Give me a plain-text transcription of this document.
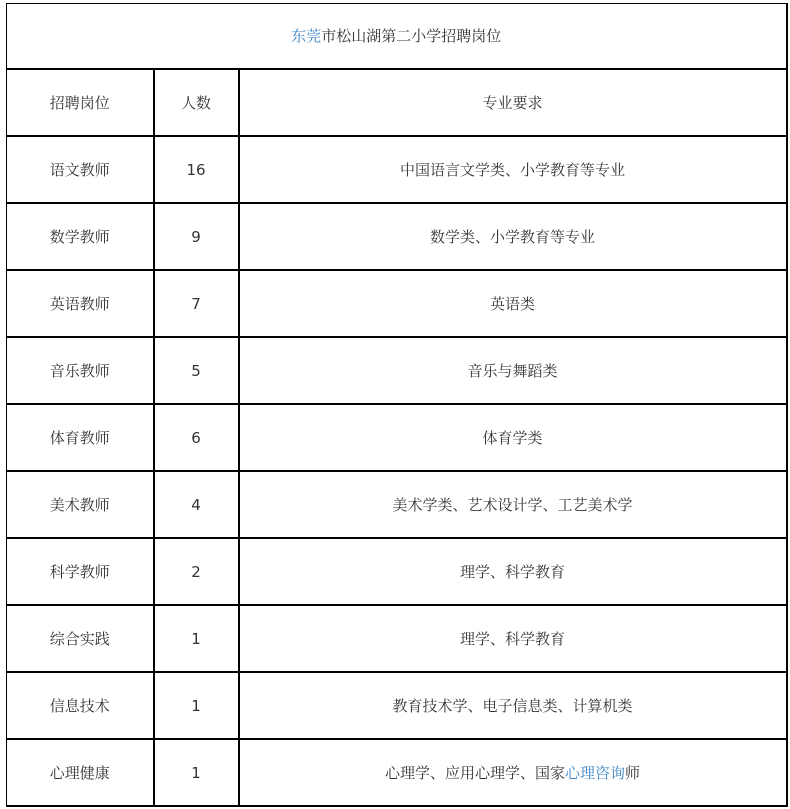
东莞市松山湖第二小学招聘岗位		
招聘岗位	人数	专业要求
语文教师	16	中国语言文学类、小学教育等专业
数学教师	9	数学类、小学教育等专业
英语教师	7	英语类
音乐教师	5	音乐与舞蹈类
体育教师	6	体育学类
美术教师	4	美术学类、艺术设计学、工艺美术学
科学教师	2	理学、科学教育
综合实践	1	理学、科学教育
信息技术	1	教育技术学、电子信息类、计算机类
心理健康	1	心理学、应用心理学、国家心理咨询师
